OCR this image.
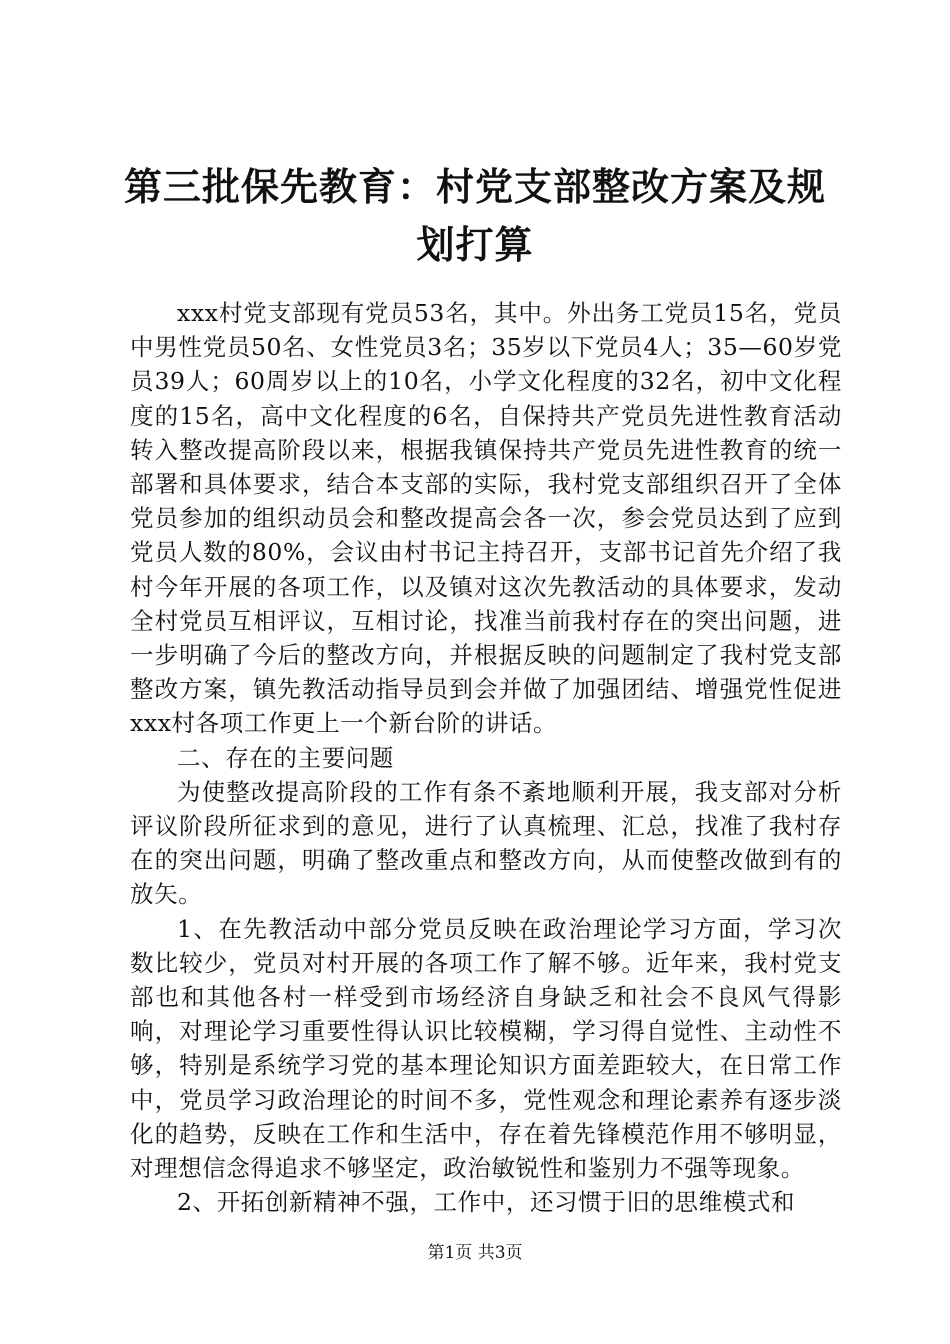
第三批保先教育：村党支部整改方案及规划打算

xxx村党支部现有党员53名，其中。外出务工党员15名，党员中男性党员50名、女性党员3名；35岁以下党员4人；35—60岁党员39人；60周岁以上的10名，小学文化程度的32名，初中文化程度的15名，高中文化程度的6名，自保持共产党员先进性教育活动转入整改提高阶段以来，根据我镇保持共产党员先进性教育的统一部署和具体要求，结合本支部的实际，我村党支部组织召开了全体党员参加的组织动员会和整改提高会各一次，参会党员达到了应到党员人数的80%，会议由村书记主持召开，支部书记首先介绍了我村今年开展的各项工作，以及镇对这次先教活动的具体要求，发动全村党员互相评议，互相讨论，找准当前我村存在的突出问题，进一步明确了今后的整改方向，并根据反映的问题制定了我村党支部整改方案，镇先教活动指导员到会并做了加强团结、增强党性促进xxx村各项工作更上一个新台阶的讲话。

二、存在的主要问题

为使整改提高阶段的工作有条不紊地顺利开展，我支部对分析评议阶段所征求到的意见，进行了认真梳理、汇总，找准了我村存在的突出问题，明确了整改重点和整改方向，从而使整改做到有的放矢。

1、在先教活动中部分党员反映在政治理论学习方面，学习次数比较少，党员对村开展的各项工作了解不够。近年来，我村党支部也和其他各村一样受到市场经济自身缺乏和社会不良风气得影响，对理论学习重要性得认识比较模糊，学习得自觉性、主动性不够，特别是系统学习党的基本理论知识方面差距较大，在日常工作中，党员学习政治理论的时间不多，党性观念和理论素养有逐步淡化的趋势，反映在工作和生活中，存在着先锋模范作用不够明显，对理想信念得追求不够坚定，政治敏锐性和鉴别力不强等现象。

2、开拓创新精神不强，工作中，还习惯于旧的思维模式和

第1页 共3页
